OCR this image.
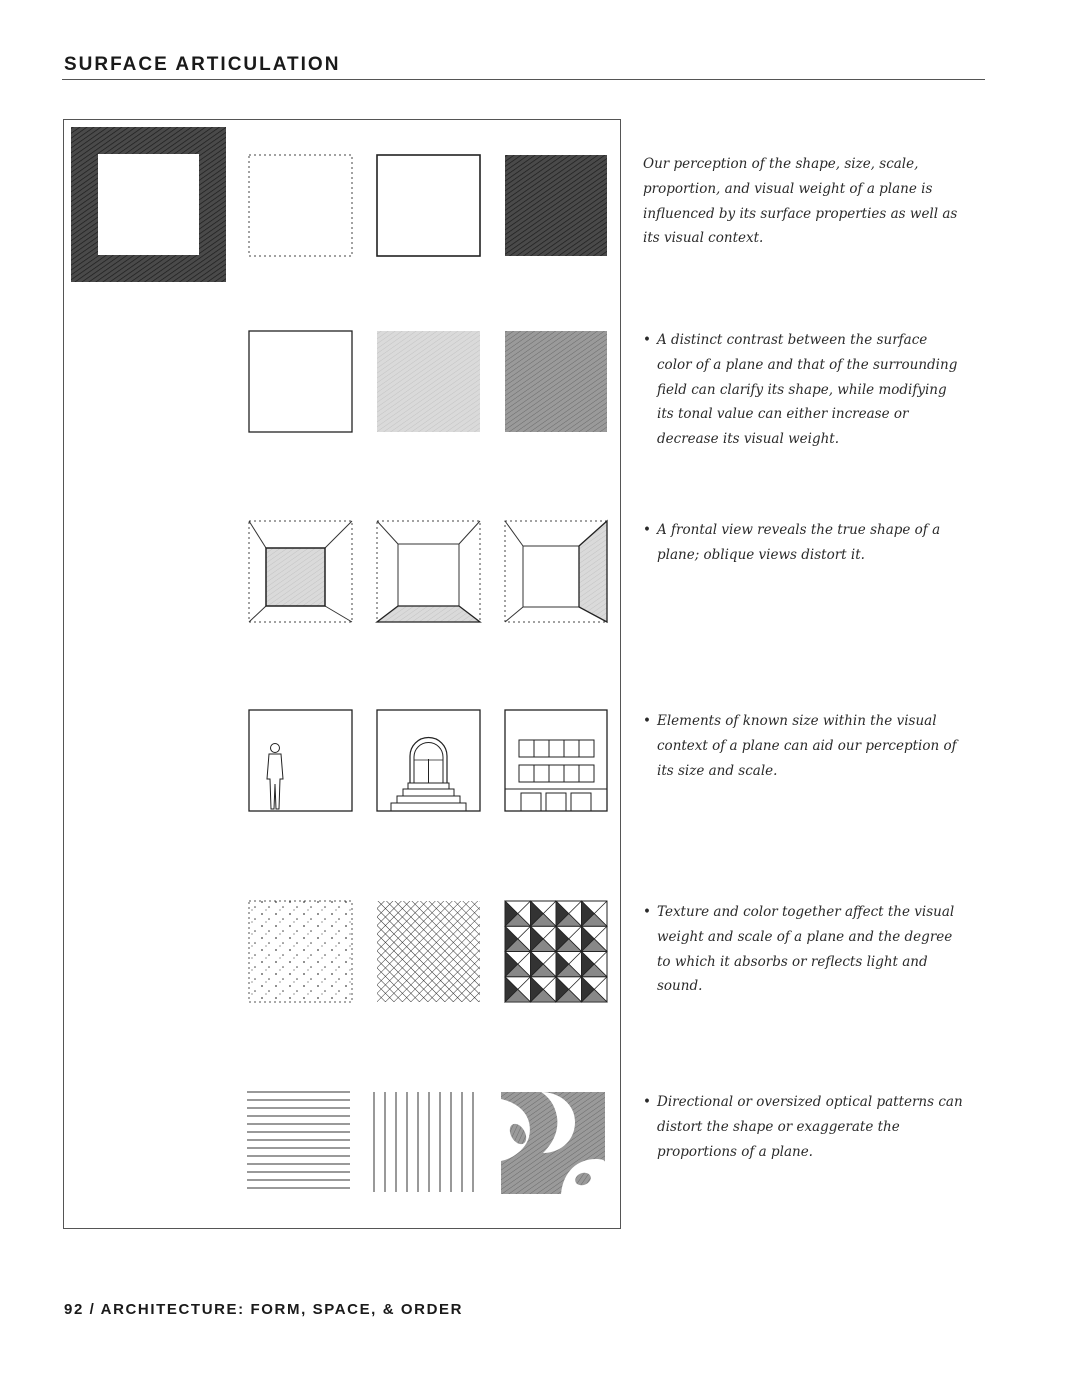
SURFACE ARTICULATION

Our perception of the shape, size, scale, proportion, and visual weight of a plane is influenced by its surface properties as well as its visual context.

• A distinct contrast between the surface color of a plane and that of the surrounding field can clarify its shape, while modifying its tonal value can either increase or decrease its visual weight.
• A frontal view reveals the true shape of a plane; oblique views distort it.
• Elements of known size within the visual context of a plane can aid our perception of its size and scale.
• Texture and color together affect the visual weight and scale of a plane and the degree to which it absorbs or reflects light and sound.
• Directional or oversized optical patterns can distort the shape or exaggerate the proportions of a plane.
92 / ARCHITECTURE: FORM, SPACE, & ORDER
